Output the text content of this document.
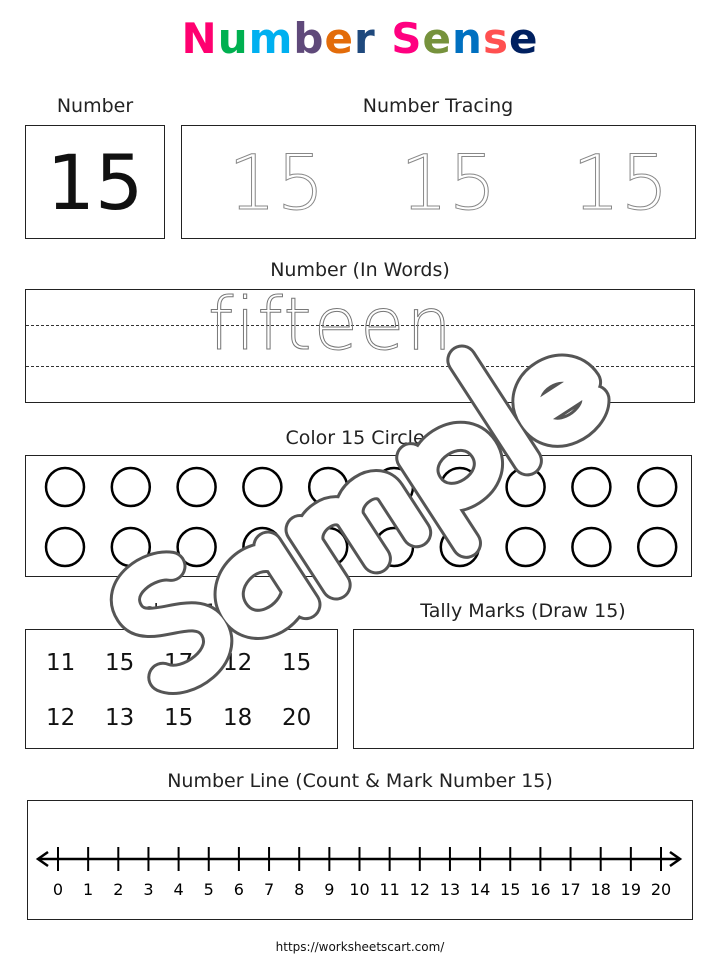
Number Sense
Number
15
Number Tracing
15 15 15
Number (In Words)
fifteen
Color 15 Circles
Circle all 15s.
11 15 17 12 15
12 13 15 18 20
Tally Marks (Draw 15)
Number Line (Count & Mark Number 15)
0 1 2 3 4 5 6 7 8 9 10 11 12 13 14 15 16 17 18 19 20
https://worksheetscart.com/
